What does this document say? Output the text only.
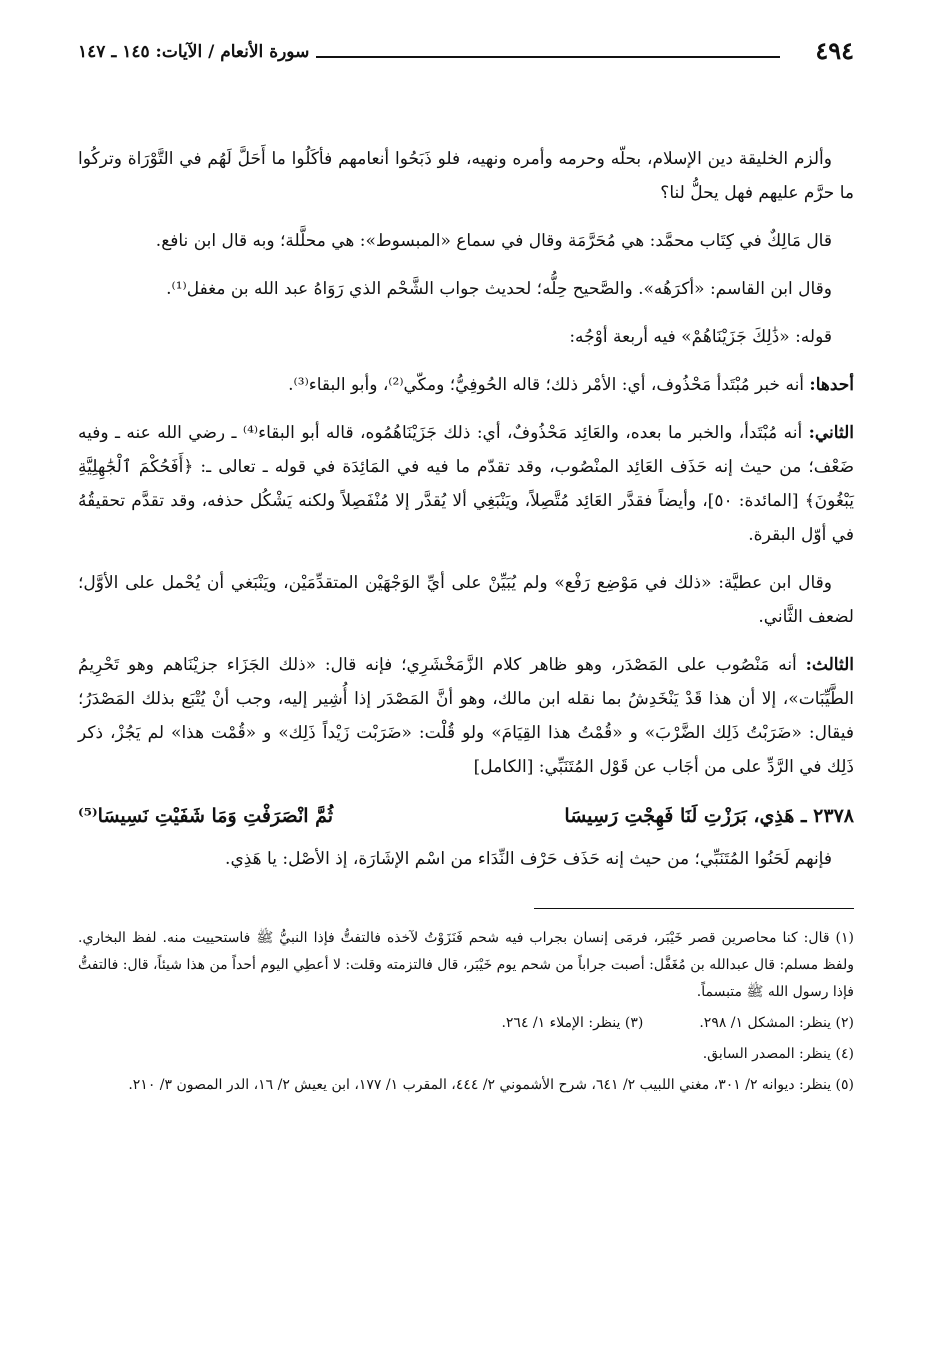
٤٩٤
سورة الأنعام / الآيات: ١٤٥ ـ ١٤٧

وألزم الخليقة دين الإسلام، بحلّه وحرمه وأمره ونهيه، فلو ذَبَحُوا أنعامهم فأكَلُوا ما أَحَلَّ لَهُم في التَّوْرَاة وتركُوا ما حرَّم عليهم فهل يحلُّ لنا؟

قال مَالِكٌ في كِتَاب محمَّد: هي مُحَرَّمَة وقال في سماع «المبسوط»: هي محلَّلة؛ وبه قال ابن نافع.

وقال ابن القاسم: «أكرَهُه». والصَّحيح حِلُّه؛ لحديث جواب الشَّحْم الذي رَوَاهُ عبد الله بن مغفل⁽¹⁾.

قوله: «ذَٰلِكَ جَزَيْنَاهُمْ» فيه أربعة أوْجُه:

أحدها: أنه خبر مُبْتَدأ مَحْذُوف، أي: الأمْر ذلك؛ قاله الحُوفِيُّ؛ ومكّي⁽²⁾، وأبو البقاء⁽³⁾.

الثاني: أنه مُبْتَدأ، والخبر ما بعده، والعَائِد مَحْذُوفٌ، أي: ذلك جَزَيْنَاهُمُوه، قاله أبو البقاء⁽⁴⁾ ـ رضي الله عنه ـ وفيه ضَعْف؛ من حيث إنه حَذَف العَائِد المنْصُوب، وقد تقدّم ما فيه في المَائِدَة في قوله ـ تعالى ـ: ﴿أَفَحُكْمَ ٱلْجَٰهِلِيَّةِ يَبْغُونَ﴾ [المائدة: ٥٠]، وأيضاً فقدَّر العَائِد مُتَّصِلاً، ويَنْبَغِي ألا يُقدَّر إلا مُنْفَصِلاً ولكنه يَشْكُل حذفه، وقد تقدَّم تحقيقُهُ في أوّل البقرة.

وقال ابن عطيَّة: «ذلك في مَوْضِع رَفْع» ولم يُبَيِّنْ على أيِّ الوَجْهَيْن المتقدِّمَيْن، ويَنْبَغي أن يُحْمل على الأوَّل؛ لضعف الثَّاني.

الثالث: أنه مَنْصُوب على المَصْدَر، وهو ظاهر كلام الزَّمَخْشَرِي؛ فإنه قال: «ذلك الجَزَاء جزيْنَاهم وهو تَحْرِيمُ الطَّيِّبَات»، إلا أن هذا قَدْ يَنْخَدِشُ بما نقله ابن مالك، وهو أنَّ المَصْدَر إذا أُشِير إليه، وجب أنْ يُتْبَع بذلك المَصْدَرُ؛ فيقال: «ضَرَبْتُ ذَلِك الضَّرْبَ» و «قُمْتُ هذا القِيَامَ» ولو قُلْت: «ضَرَبْت زَيْداً ذَلِك» و «قُمْت هذا» لم يَجُزْ، ذكر ذَلِك في الرَّدِّ على من أجَاب عن قَوْل المُتَنَبِّي: [الكامل]

٢٣٧٨ ـ هَذِي، بَرَزْتِ لَنَا فَهِجْتِ رَسِيسَا
ثُمَّ انْصَرَفْتِ وَمَا شَفَيْتِ نَسِيسَا⁽⁵⁾

فإنهم لَحَنُوا المُتَنَبِّي؛ من حيث إنه حَذَف حَرْف النِّدَاء من اسْم الإشَارَة، إذ الأصْل: يا هَذِي.

(١) قال: كنا محاصرين قصر خَيْبَر، فرمَى إنسان بجراب فيه شحم فَنَزَوْتُ لآخذه فالتفتُّ فإذا النبيُّ ﷺ فاستحييت منه. لفظ البخاري. ولفظ مسلم: قال عبدالله بن مُغَفَّل: أصبت جراباً من شحم يوم خَيْبَر، قال فالتزمته وقلت: لا أعطِي اليوم أحداً من هذا شيئاً، قال: فالتفتُّ فإذا رسول الله ﷺ متبسماً.

(٢) ينظر: المشكل ١/ ٢٩٨.
(٣) ينظر: الإملاء ١/ ٢٦٤.

(٤) ينظر: المصدر السابق.

(٥) ينظر: ديوانه ٢/ ٣٠١، مغني اللبيب ٢/ ٦٤١، شرح الأشموني ٢/ ٤٤٤، المقرب ١/ ١٧٧، ابن يعيش ٢/ ١٦، الدر المصون ٣/ ٢١٠.
